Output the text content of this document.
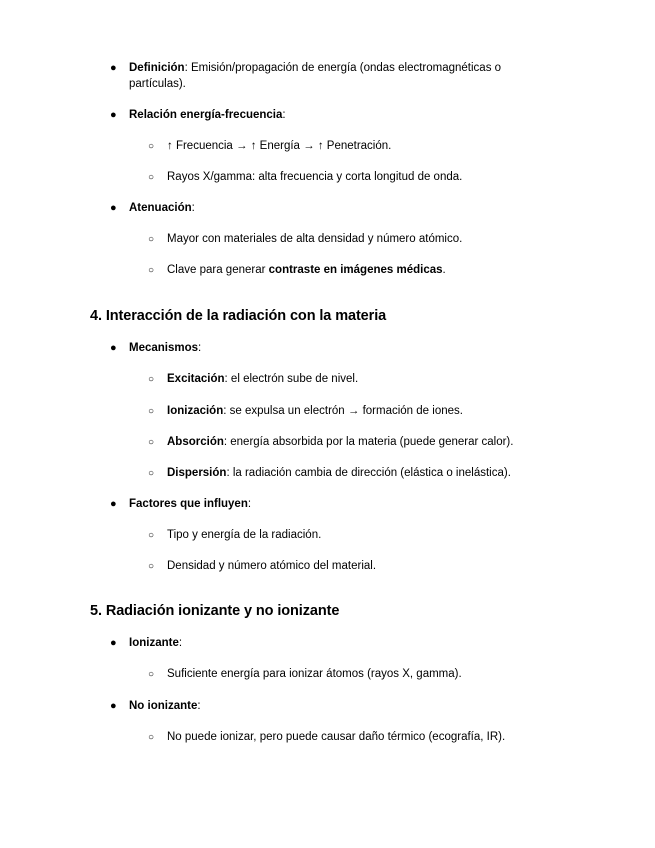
● Definición: Emisión/propagación de energía (ondas electromagnéticas o partículas).
● Relación energía-frecuencia:
○ ↑ Frecuencia → ↑ Energía → ↑ Penetración.
○ Rayos X/gamma: alta frecuencia y corta longitud de onda.
● Atenuación:
○ Mayor con materiales de alta densidad y número atómico.
○ Clave para generar contraste en imágenes médicas.
4. Interacción de la radiación con la materia
● Mecanismos:
○ Excitación: el electrón sube de nivel.
○ Ionización: se expulsa un electrón → formación de iones.
○ Absorción: energía absorbida por la materia (puede generar calor).
○ Dispersión: la radiación cambia de dirección (elástica o inelástica).
● Factores que influyen:
○ Tipo y energía de la radiación.
○ Densidad y número atómico del material.
5. Radiación ionizante y no ionizante
● Ionizante:
○ Suficiente energía para ionizar átomos (rayos X, gamma).
● No ionizante:
○ No puede ionizar, pero puede causar daño térmico (ecografía, IR).
